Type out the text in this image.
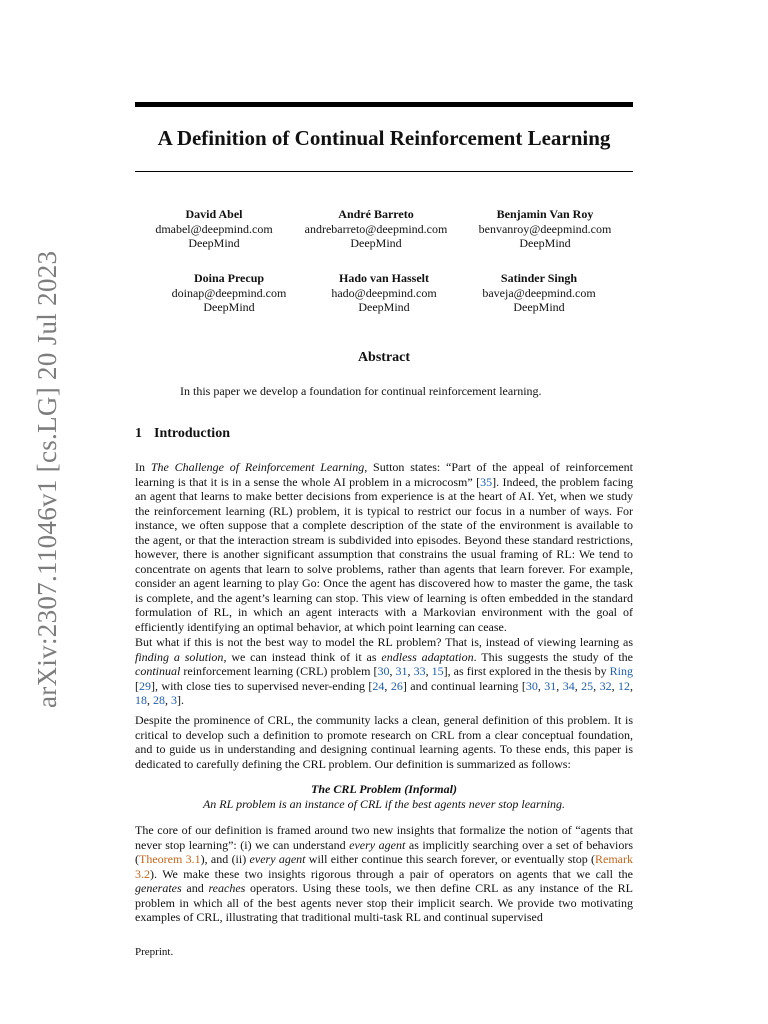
arXiv:2307.11046v1 [cs.LG] 20 Jul 2023
A Definition of Continual Reinforcement Learning
David Abel
dmabel@deepmind.com
DeepMind
André Barreto
andrebarreto@deepmind.com
DeepMind
Benjamin Van Roy
benvanroy@deepmind.com
DeepMind
Doina Precup
doinap@deepmind.com
DeepMind
Hado van Hasselt
hado@deepmind.com
DeepMind
Satinder Singh
baveja@deepmind.com
DeepMind
Abstract
In this paper we develop a foundation for continual reinforcement learning.
1 Introduction

In The Challenge of Reinforcement Learning, Sutton states: “Part of the appeal of reinforcement learning is that it is in a sense the whole AI problem in a microcosm” [35]. Indeed, the problem facing an agent that learns to make better decisions from experience is at the heart of AI. Yet, when we study the reinforcement learning (RL) problem, it is typical to restrict our focus in a number of ways. For instance, we often suppose that a complete description of the state of the environment is available to the agent, or that the interaction stream is subdivided into episodes. Beyond these standard restrictions, however, there is another significant assumption that constrains the usual framing of RL: We tend to concentrate on agents that learn to solve problems, rather than agents that learn forever. For example, consider an agent learning to play Go: Once the agent has discovered how to master the game, the task is complete, and the agent’s learning can stop. This view of learning is often embedded in the standard formulation of RL, in which an agent interacts with a Markovian environment with the goal of efficiently identifying an optimal behavior, at which point learning can cease.

But what if this is not the best way to model the RL problem? That is, instead of viewing learning as finding a solution, we can instead think of it as endless adaptation. This suggests the study of the continual reinforcement learning (CRL) problem [30, 31, 33, 15], as first explored in the thesis by Ring [29], with close ties to supervised never-ending [24, 26] and continual learning [30, 31, 34, 25, 32, 12, 18, 28, 3].

Despite the prominence of CRL, the community lacks a clean, general definition of this problem. It is critical to develop such a definition to promote research on CRL from a clear conceptual foundation, and to guide us in understanding and designing continual learning agents. To these ends, this paper is dedicated to carefully defining the CRL problem. Our definition is summarized as follows:

The CRL Problem (Informal)
An RL problem is an instance of CRL if the best agents never stop learning.

The core of our definition is framed around two new insights that formalize the notion of “agents that never stop learning”: (i) we can understand every agent as implicitly searching over a set of behaviors (Theorem 3.1), and (ii) every agent will either continue this search forever, or eventually stop (Remark 3.2). We make these two insights rigorous through a pair of operators on agents that we call the generates and reaches operators. Using these tools, we then define CRL as any instance of the RL problem in which all of the best agents never stop their implicit search. We provide two motivating examples of CRL, illustrating that traditional multi-task RL and continual supervised

Preprint.
